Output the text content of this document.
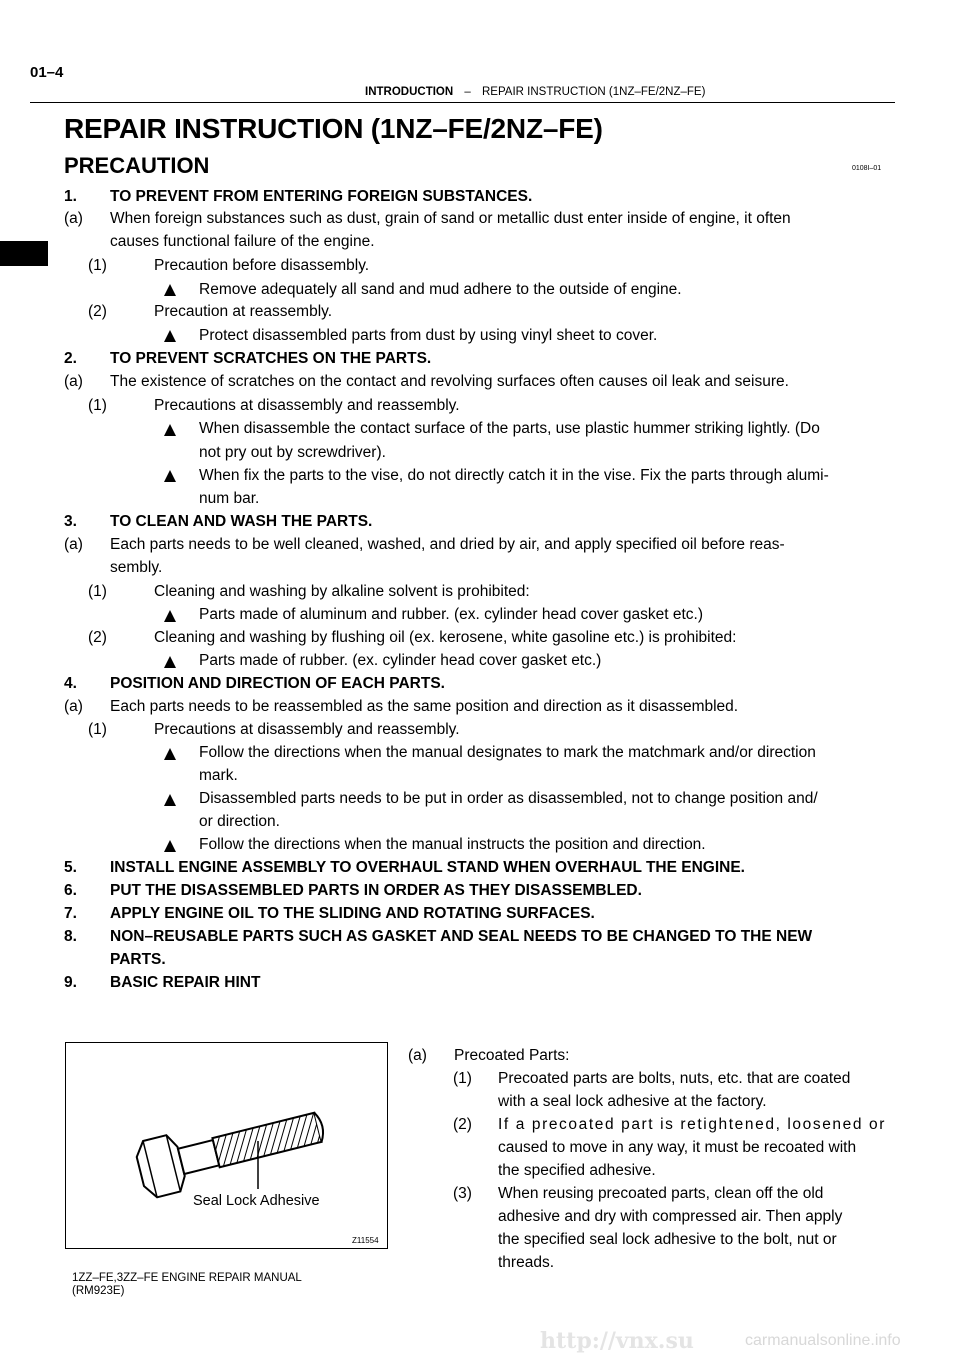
01–4
INTRODUCTION – REPAIR INSTRUCTION (1NZ–FE/2NZ–FE)
REPAIR INSTRUCTION (1NZ–FE/2NZ–FE)
0108I–01
PRECAUTION
1. TO PREVENT FROM ENTERING FOREIGN SUBSTANCES.
(a) When foreign substances such as dust, grain of sand or metallic dust enter inside of engine, it often
causes functional failure of the engine.
(1)	Precaution before disassembly.
Remove adequately all sand and mud adhere to the outside of engine.
(2)	Precaution at reassembly.
Protect disassembled parts from dust by using vinyl sheet to cover.
2. TO PREVENT SCRATCHES ON THE PARTS.
(a) The existence of scratches on the contact and revolving surfaces often causes oil leak and seisure.
(1)	Precautions at disassembly and reassembly.
When disassemble the contact surface of the parts, use plastic hummer striking lightly. (Do
not pry out by screwdriver).
When fix the parts to the vise, do not directly catch it in the vise. Fix the parts through alumi-
num bar.
3. TO CLEAN AND WASH THE PARTS.
(a) Each parts needs to be well cleaned, washed, and dried by air, and apply specified oil before reas-
sembly.
(1)	Cleaning and washing by alkaline solvent is prohibited:
Parts made of aluminum and rubber. (ex. cylinder head cover gasket etc.)
(2)	Cleaning and washing by flushing oil (ex. kerosene, white gasoline etc.) is prohibited:
Parts made of rubber. (ex. cylinder head cover gasket etc.)
4. POSITION AND DIRECTION OF EACH PARTS.
(a) Each parts needs to be reassembled as the same position and direction as it disassembled.
(1)	Precautions at disassembly and reassembly.
Follow the directions when the manual designates to mark the matchmark and/or direction
mark.
Disassembled parts needs to be put in order as disassembled, not to change position and/
or direction.
Follow the directions when the manual instructs the position and direction.
5. INSTALL ENGINE ASSEMBLY TO OVERHAUL STAND WHEN OVERHAUL THE ENGINE.
6. PUT THE DISASSEMBLED PARTS IN ORDER AS THEY DISASSEMBLED.
7. APPLY ENGINE OIL TO THE SLIDING AND ROTATING SURFACES.
8. NON–REUSABLE PARTS SUCH AS GASKET AND SEAL NEEDS TO BE CHANGED TO THE NEW
PARTS.
9. BASIC REPAIR HINT
Seal Lock Adhesive
Z11554
(a) Precoated Parts:
(1) Precoated parts are bolts, nuts, etc. that are coated
with a seal lock adhesive at the factory.
(2) If a precoated part is retightened, loosened or
caused to move in any way, it must be recoated with
the specified adhesive.
(3) When reusing precoated parts, clean off the old
adhesive and dry with compressed air. Then apply
the specified seal lock adhesive to the bolt, nut or
threads.
1ZZ–FE,3ZZ–FE ENGINE REPAIR MANUAL
(RM923E)
http://vnx.su	carmanualsonline.info
